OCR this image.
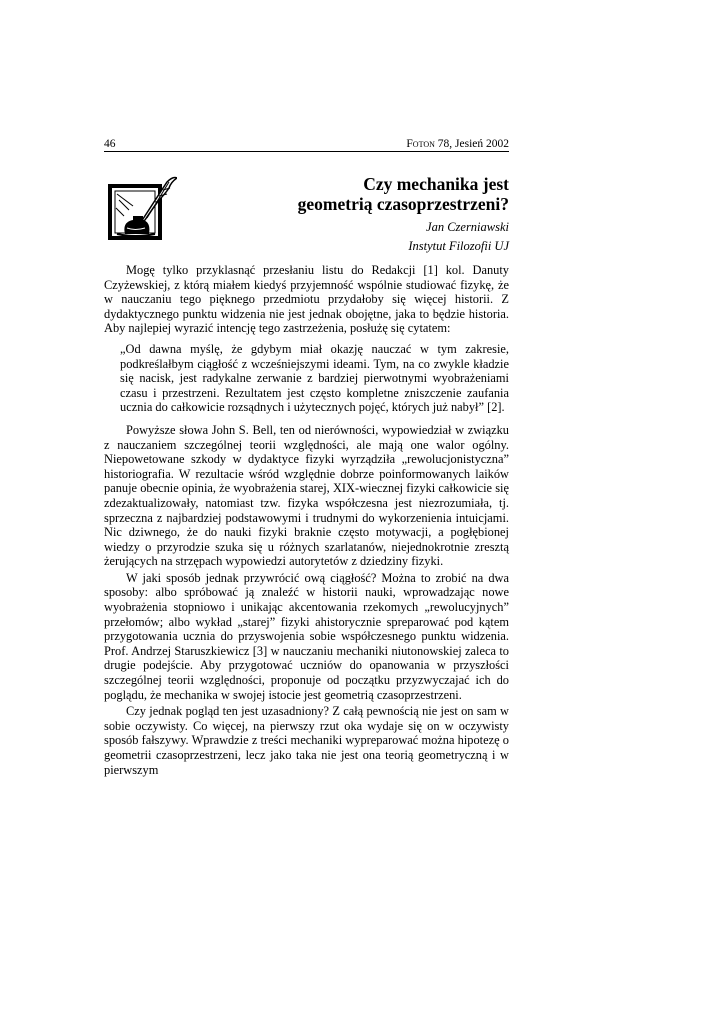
46	Foton 78, Jesień 2002
Czy mechanika jest
geometrią czasoprzestrzeni?
Jan Czerniawski
Instytut Filozofii UJ

Mogę tylko przyklasnąć przesłaniu listu do Redakcji [1] kol. Danuty Czyżewskiej, z którą miałem kiedyś przyjemność wspólnie studiować fizykę, że w nauczaniu tego pięknego przedmiotu przydałoby się więcej historii. Z dydaktycznego punktu widzenia nie jest jednak obojętne, jaka to będzie historia. Aby najlepiej wyrazić intencję tego zastrzeżenia, posłużę się cytatem:

„Od dawna myślę, że gdybym miał okazję nauczać w tym zakresie, podkreślałbym ciągłość z wcześniejszymi ideami. Tym, na co zwykle kładzie się nacisk, jest radykalne zerwanie z bardziej pierwotnymi wyobrażeniami czasu i przestrzeni. Rezultatem jest często kompletne zniszczenie zaufania ucznia do całkowicie rozsądnych i użytecznych pojęć, których już nabył” [2].

Powyższe słowa John S. Bell, ten od nierówności, wypowiedział w związku z nauczaniem szczególnej teorii względności, ale mają one walor ogólny. Niepowetowane szkody w dydaktyce fizyki wyrządziła „rewolucjonistyczna” historiografia. W rezultacie wśród względnie dobrze poinformowanych laików panuje obecnie opinia, że wyobrażenia starej, XIX-wiecznej fizyki całkowicie się zdezaktualizowały, natomiast tzw. fizyka współczesna jest niezrozumiała, tj. sprzeczna z najbardziej podstawowymi i trudnymi do wykorzenienia intuicjami. Nic dziwnego, że do nauki fizyki braknie często motywacji, a pogłębionej wiedzy o przyrodzie szuka się u różnych szarlatanów, niejednokrotnie zresztą żerujących na strzępach wypowiedzi autorytetów z dziedziny fizyki.

W jaki sposób jednak przywrócić ową ciągłość? Można to zrobić na dwa sposoby: albo spróbować ją znaleźć w historii nauki, wprowadzając nowe wyobrażenia stopniowo i unikając akcentowania rzekomych „rewolucyjnych” przełomów; albo wykład „starej” fizyki ahistorycznie spreparować pod kątem przygotowania ucznia do przyswojenia sobie współczesnego punktu widzenia. Prof. Andrzej Staruszkiewicz [3] w nauczaniu mechaniki niutonowskiej zaleca to drugie podejście. Aby przygotować uczniów do opanowania w przyszłości szczególnej teorii względności, proponuje od początku przyzwyczajać ich do poglądu, że mechanika w swojej istocie jest geometrią czasoprzestrzeni.

Czy jednak pogląd ten jest uzasadniony? Z całą pewnością nie jest on sam w sobie oczywisty. Co więcej, na pierwszy rzut oka wydaje się on w oczywisty sposób fałszywy. Wprawdzie z treści mechaniki wypreparować można hipotezę o geometrii czasoprzestrzeni, lecz jako taka nie jest ona teorią geometryczną i w pierwszym
